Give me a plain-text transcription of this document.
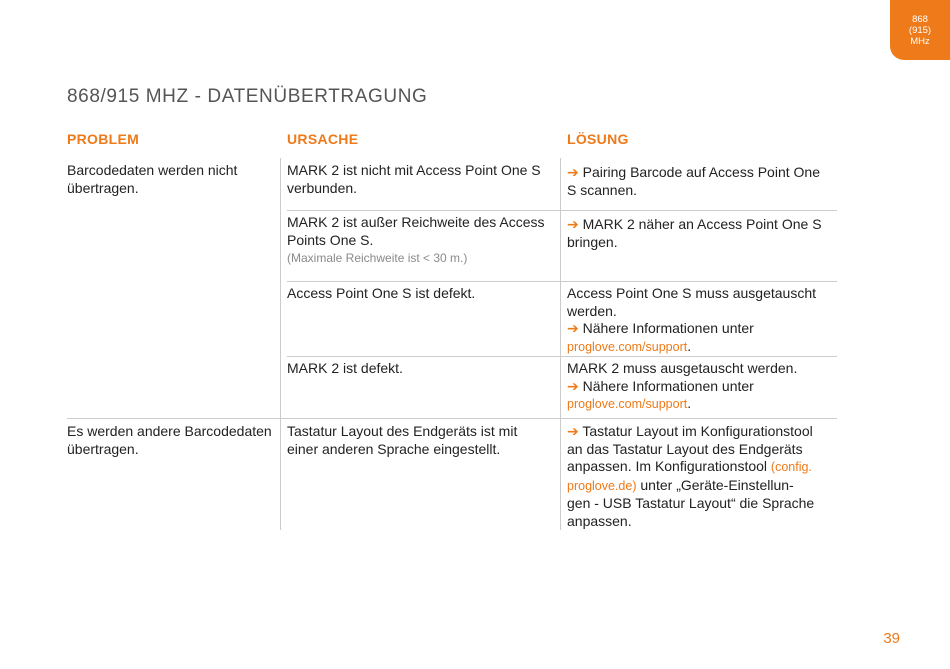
868
(915)
MHz
868/915 MHZ - DATENÜBERTRAGUNG
PROBLEM	URSACHE	LÖSUNG
Barcodedaten werden nicht
übertragen.
Es werden andere Barcodedaten
übertragen.
MARK 2 ist nicht mit Access Point One S
verbunden.
MARK 2 ist außer Reichweite des Access
Points One S.
(Maximale Reichweite ist < 30 m.)
Access Point One S ist defekt.
MARK 2 ist defekt.
Tastatur Layout des Endgeräts ist mit
einer anderen Sprache eingestellt.
➔ Pairing Barcode auf Access Point One
S scannen.
➔ MARK 2 näher an Access Point One S
bringen.
Access Point One S muss ausgetauscht
werden.
➔ Nähere Informationen unter
proglove.com/support.
MARK 2 muss ausgetauscht werden.
➔ Nähere Informationen unter
proglove.com/support.
➔ Tastatur Layout im Konfigurationstool
an das Tastatur Layout des Endgeräts
anpassen. Im Konfigurationstool (config.
proglove.de) unter „Geräte-Einstellun-
gen - USB Tastatur Layout“ die Sprache
anpassen.
39
